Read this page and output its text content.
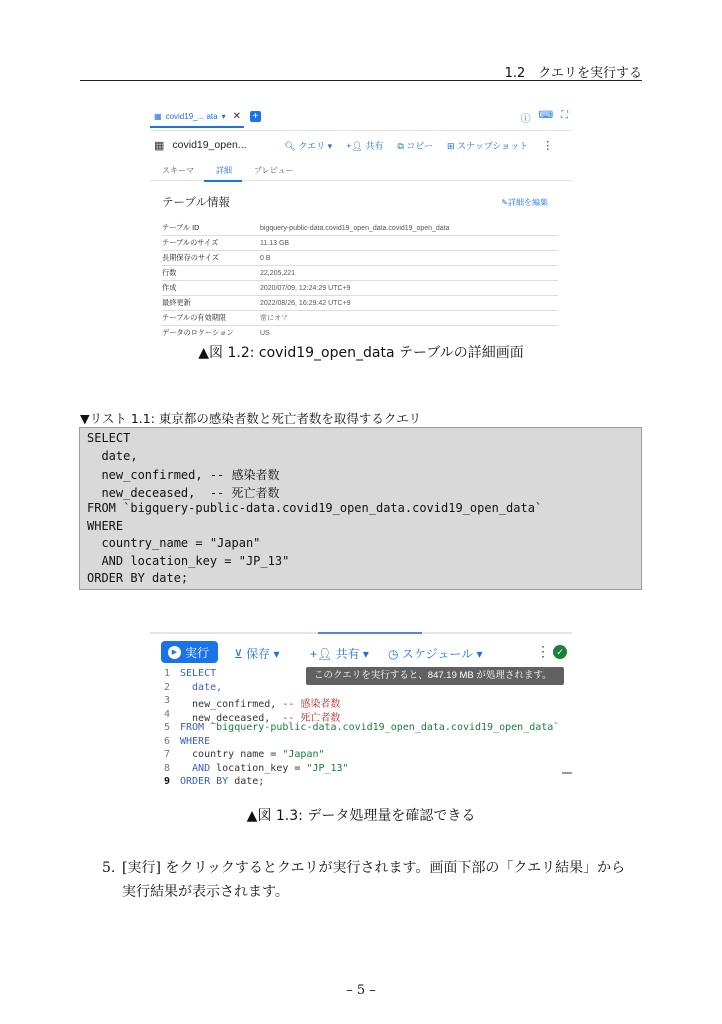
1.2　クエリを実行する
▦ covid19_... ata ▾ ✕ +	ⓘ ⌨ ⛶
▦ covid19_open...	🔍︎ クエリ ▾ +👤︎ 共有 ⧉ コピー ⊞ スナップショット ⋮
スキーマ	詳細	プレビュー
テーブル情報	✎詳細を編集
テーブル ID	bigquery-public-data.covid19_open_data.covid19_open_data
テーブルのサイズ	11.13 GB
長期保存のサイズ	0 B
行数	22,205,221
作成	2020/07/09, 12:24:29 UTC+9
最終更新	2022/08/26, 16:29:42 UTC+9
テーブルの有効期限	常にオフ
データのロケーション	US
▲図 1.2: covid19_open_data テーブルの詳細画面
▼リスト 1.1: 東京都の感染者数と死亡者数を取得するクエリ
SELECT
date,
new_confirmed, -- 感染者数
new_deceased,  -- 死亡者数
FROM `bigquery-public-data.covid19_open_data.covid19_open_data`
WHERE
country_name = "Japan"
AND location_key = "JP_13"
ORDER BY date;
▶ 実行 ⊻ 保存 ▾	+👤︎ 共有 ▾ ◷ スケジュール ▾	⋮ ✓
1
2
3
4
5
6
7
8
9
SELECT
date,
new_confirmed, -- 感染者数
new_deceased,  -- 死亡者数
FROM `bigquery-public-data.covid19_open_data.covid19_open_data`
WHERE
country name = "Japan"
AND location_key = "JP_13"
ORDER BY date;
このクエリを実行すると、847.19 MB が処理されます。
▲図 1.3: データ処理量を確認できる
5. [実行] をクリックするとクエリが実行されます。画面下部の「クエリ結果」から
実行結果が表示されます。
– 5 –
